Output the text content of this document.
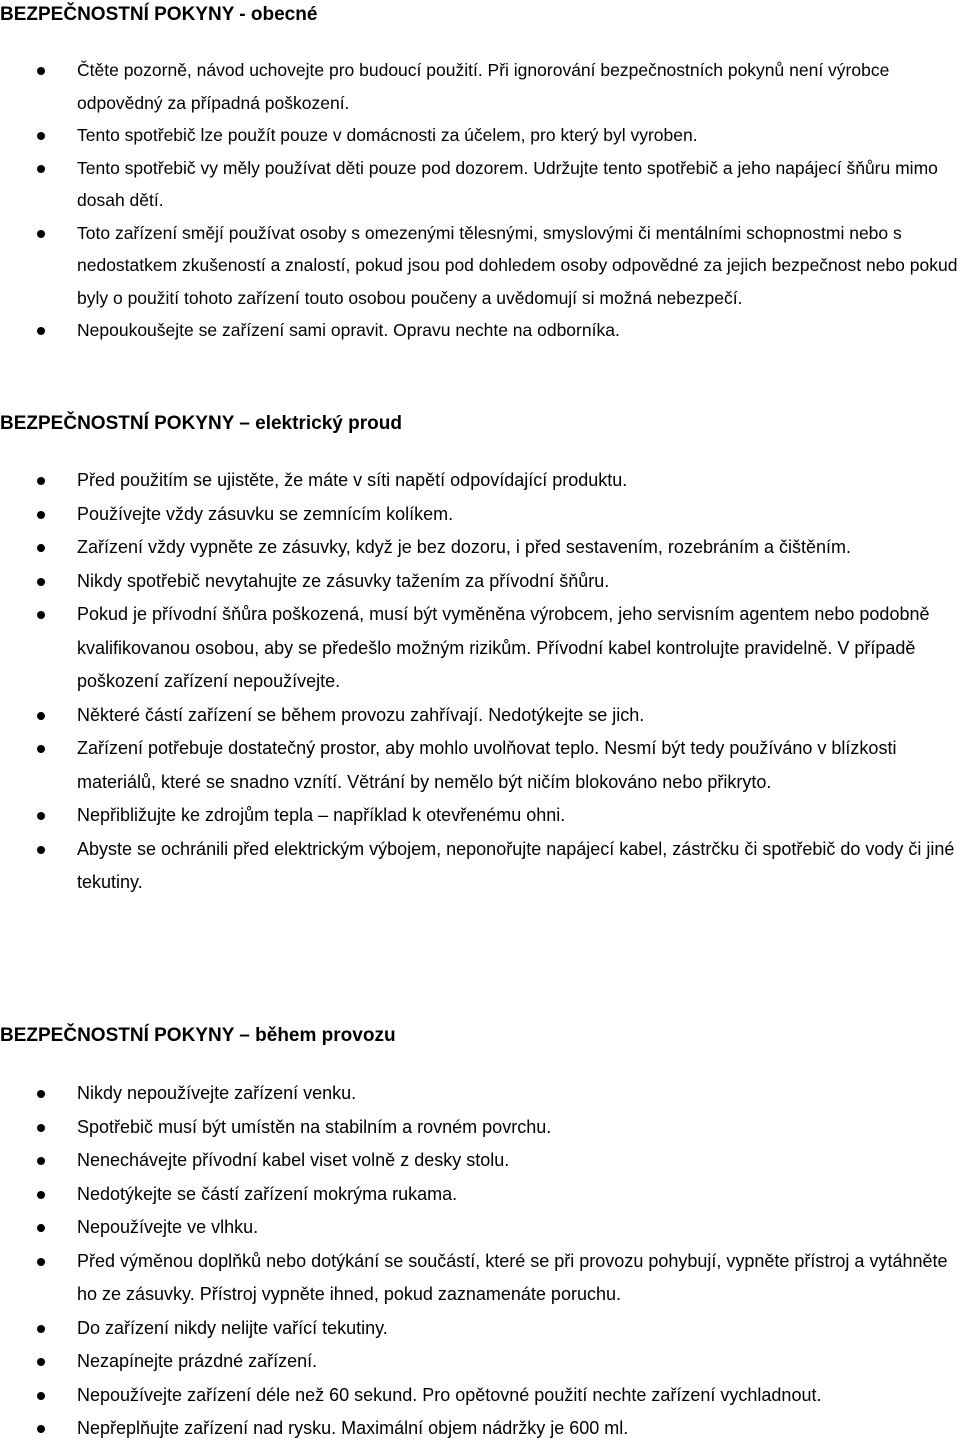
BEZPEČNOSTNÍ POKYNY - obecné
Čtěte pozorně, návod uchovejte pro budoucí použití. Při ignorování bezpečnostních pokynů není výrobce odpovědný za případná poškození.
Tento spotřebič lze použít pouze v domácnosti za účelem, pro který byl vyroben.
Tento spotřebič vy měly používat děti pouze pod dozorem. Udržujte tento spotřebič a jeho napájecí šňůru mimo dosah dětí.
Toto zařízení smějí používat osoby s omezenými tělesnými, smyslovými či mentálními schopnostmi nebo s nedostatkem zkušeností a znalostí, pokud jsou pod dohledem osoby odpovědné za jejich bezpečnost nebo pokud byly o použití tohoto zařízení touto osobou poučeny a uvědomují si možná nebezpečí.
Nepoukoušejte se zařízení sami opravit. Opravu nechte na odborníka.
BEZPEČNOSTNÍ POKYNY – elektrický proud
Před použitím se ujistěte, že máte v síti napětí odpovídající produktu.
Používejte vždy zásuvku se zemnícím kolíkem.
Zařízení vždy vypněte ze zásuvky, když je bez dozoru, i před sestavením, rozebráním a čištěním.
Nikdy spotřebič nevytahujte ze zásuvky tažením za přívodní šňůru.
Pokud je přívodní šňůra poškozená, musí být vyměněna výrobcem, jeho servisním agentem nebo podobně kvalifikovanou osobou, aby se předešlo možným rizikům. Přívodní kabel kontrolujte pravidelně. V případě poškození zařízení nepoužívejte.
Některé částí zařízení se během provozu zahřívají. Nedotýkejte se jich.
Zařízení potřebuje dostatečný prostor, aby mohlo uvolňovat teplo. Nesmí být tedy používáno v blízkosti materiálů, které se snadno vznítí. Větrání by nemělo být ničím blokováno nebo přikryto.
Nepřibližujte ke zdrojům tepla – například k otevřenému ohni.
Abyste se ochránili před elektrickým výbojem, neponořujte napájecí kabel, zástrčku či spotřebič do vody či jiné tekutiny.
BEZPEČNOSTNÍ POKYNY – během provozu
Nikdy nepoužívejte zařízení venku.
Spotřebič musí být umístěn na stabilním a rovném povrchu.
Nenechávejte přívodní kabel viset volně z desky stolu.
Nedotýkejte se částí zařízení mokrýma rukama.
Nepoužívejte ve vlhku.
Před výměnou doplňků nebo dotýkání se součástí, které se při provozu pohybují, vypněte přístroj a vytáhněte ho ze zásuvky. Přístroj vypněte ihned, pokud zaznamenáte poruchu.
Do zařízení nikdy nelijte vařící tekutiny.
Nezapínejte prázdné zařízení.
Nepoužívejte zařízení déle než 60 sekund. Pro opětovné použití nechte zařízení vychladnout.
Nepřeplňujte zařízení nad rysku. Maximální objem nádržky je 600 ml.
